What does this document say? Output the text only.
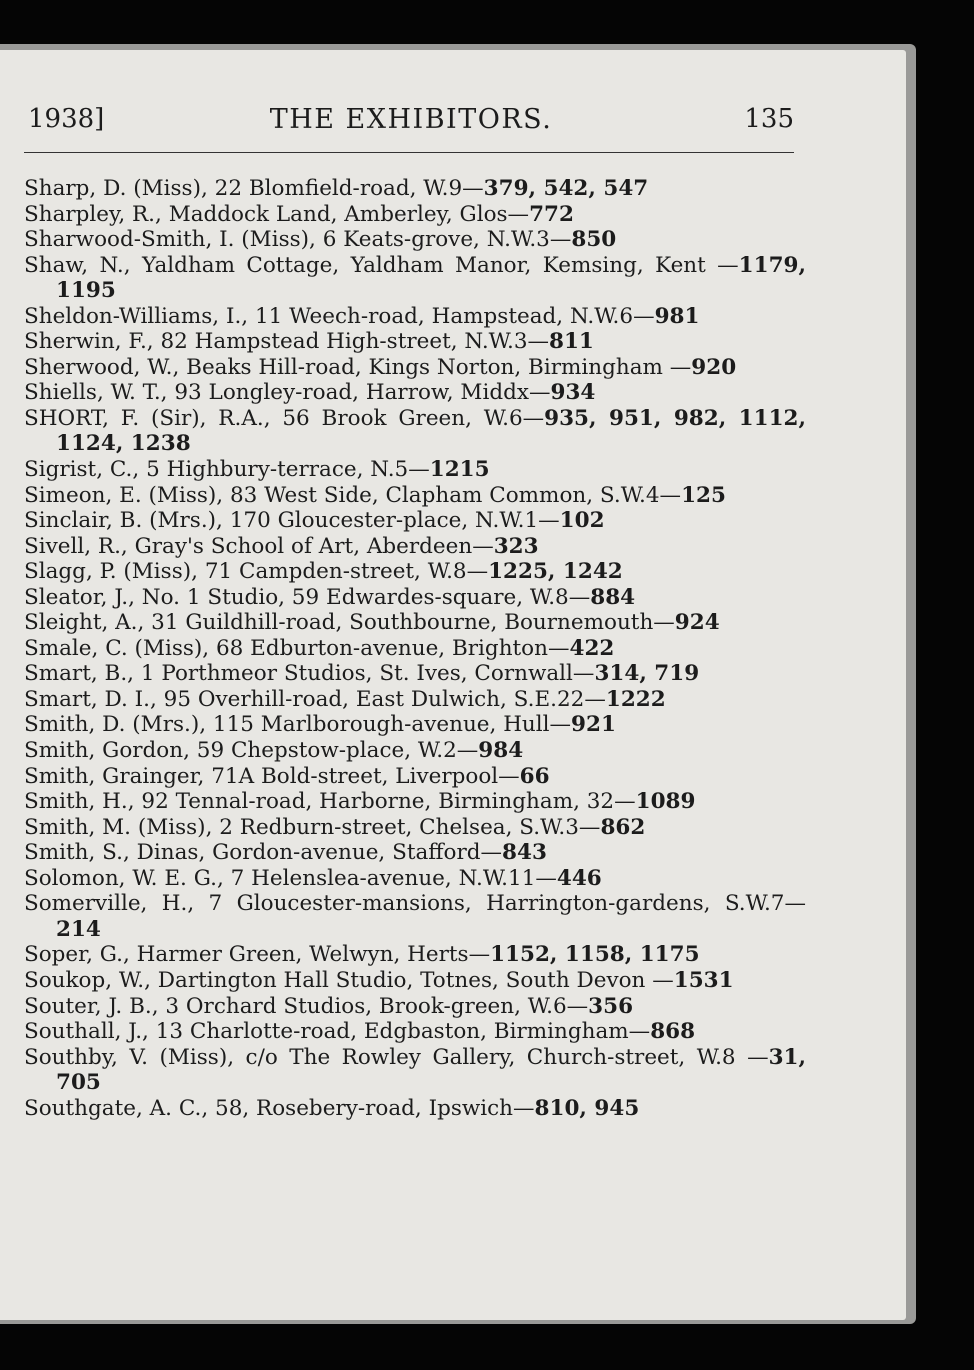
1938]	THE EXHIBITORS.	135
Sharp, D. (Miss), 22 Blomfield-road, W.9—379, 542, 547
Sharpley, R., Maddock Land, Amberley, Glos—772
Sharwood-Smith, I. (Miss), 6 Keats-grove, N.W.3—850
Shaw, N., Yaldham Cottage, Yaldham Manor, Kemsing, Kent —1179, 1195
Sheldon-Williams, I., 11 Weech-road, Hampstead, N.W.6—981
Sherwin, F., 82 Hampstead High-street, N.W.3—811
Sherwood, W., Beaks Hill-road, Kings Norton, Birmingham —920
Shiells, W. T., 93 Longley-road, Harrow, Middx—934
SHORT, F. (Sir), R.A., 56 Brook Green, W.6—935, 951, 982, 1112, 1124, 1238
Sigrist, C., 5 Highbury-terrace, N.5—1215
Simeon, E. (Miss), 83 West Side, Clapham Common, S.W.4—125
Sinclair, B. (Mrs.), 170 Gloucester-place, N.W.1—102
Sivell, R., Gray's School of Art, Aberdeen—323
Slagg, P. (Miss), 71 Campden-street, W.8—1225, 1242
Sleator, J., No. 1 Studio, 59 Edwardes-square, W.8—884
Sleight, A., 31 Guildhill-road, Southbourne, Bournemouth—924
Smale, C. (Miss), 68 Edburton-avenue, Brighton—422
Smart, B., 1 Porthmeor Studios, St. Ives, Cornwall—314, 719
Smart, D. I., 95 Overhill-road, East Dulwich, S.E.22—1222
Smith, D. (Mrs.), 115 Marlborough-avenue, Hull—921
Smith, Gordon, 59 Chepstow-place, W.2—984
Smith, Grainger, 71A Bold-street, Liverpool—66
Smith, H., 92 Tennal-road, Harborne, Birmingham, 32—1089
Smith, M. (Miss), 2 Redburn-street, Chelsea, S.W.3—862
Smith, S., Dinas, Gordon-avenue, Stafford—843
Solomon, W. E. G., 7 Helenslea-avenue, N.W.11—446
Somerville, H., 7 Gloucester-mansions, Harrington-gardens, S.W.7—214
Soper, G., Harmer Green, Welwyn, Herts—1152, 1158, 1175
Soukop, W., Dartington Hall Studio, Totnes, South Devon —1531
Souter, J. B., 3 Orchard Studios, Brook-green, W.6—356
Southall, J., 13 Charlotte-road, Edgbaston, Birmingham—868
Southby, V. (Miss), c/o The Rowley Gallery, Church-street, W.8 —31, 705
Southgate, A. C., 58, Rosebery-road, Ipswich—810, 945
